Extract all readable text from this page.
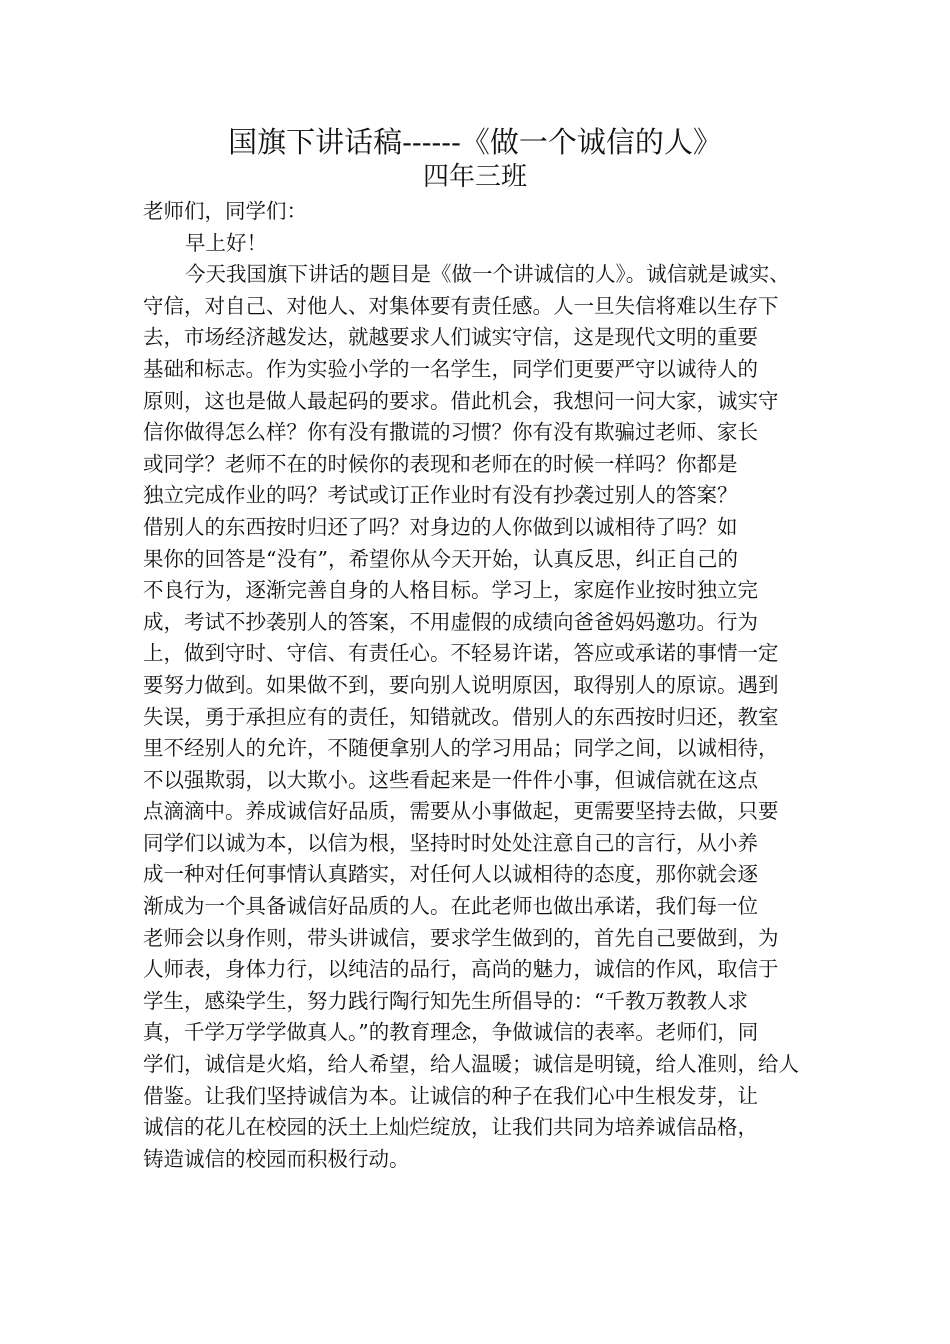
国旗下讲话稿------《做一个诚信的人》
四年三班
老师们，同学们：
早上好！
今天我国旗下讲话的题目是《做一个讲诚信的人》。诚信就是诚实、
守信，对自己、对他人、对集体要有责任感。人一旦失信将难以生存下
去，市场经济越发达，就越要求人们诚实守信，这是现代文明的重要
基础和标志。作为实验小学的一名学生，同学们更要严守以诚待人的
原则，这也是做人最起码的要求。借此机会，我想问一问大家，诚实守
信你做得怎么样？你有没有撒谎的习惯？你有没有欺骗过老师、家长
或同学？老师不在的时候你的表现和老师在的时候一样吗？你都是
独立完成作业的吗？考试或订正作业时有没有抄袭过别人的答案？
借别人的东西按时归还了吗？对身边的人你做到以诚相待了吗？如
果你的回答是“没有”，希望你从今天开始，认真反思，纠正自己的
不良行为，逐渐完善自身的人格目标。学习上，家庭作业按时独立完
成，考试不抄袭别人的答案，不用虚假的成绩向爸爸妈妈邀功。行为
上，做到守时、守信、有责任心。不轻易许诺，答应或承诺的事情一定
要努力做到。如果做不到，要向别人说明原因，取得别人的原谅。遇到
失误，勇于承担应有的责任，知错就改。借别人的东西按时归还，教室
里不经别人的允许，不随便拿别人的学习用品；同学之间，以诚相待，
不以强欺弱，以大欺小。这些看起来是一件件小事，但诚信就在这点
点滴滴中。养成诚信好品质，需要从小事做起，更需要坚持去做，只要
同学们以诚为本，以信为根，坚持时时处处注意自己的言行，从小养
成一种对任何事情认真踏实，对任何人以诚相待的态度，那你就会逐
渐成为一个具备诚信好品质的人。在此老师也做出承诺，我们每一位
老师会以身作则，带头讲诚信，要求学生做到的，首先自己要做到，为
人师表，身体力行，以纯洁的品行，高尚的魅力，诚信的作风，取信于
学生，感染学生，努力践行陶行知先生所倡导的：“千教万教教人求
真，千学万学学做真人。”的教育理念，争做诚信的表率。老师们，同
学们，诚信是火焰，给人希望，给人温暖；诚信是明镜，给人准则，给人
借鉴。让我们坚持诚信为本。让诚信的种子在我们心中生根发芽，让
诚信的花儿在校园的沃土上灿烂绽放，让我们共同为培养诚信品格，
铸造诚信的校园而积极行动。
